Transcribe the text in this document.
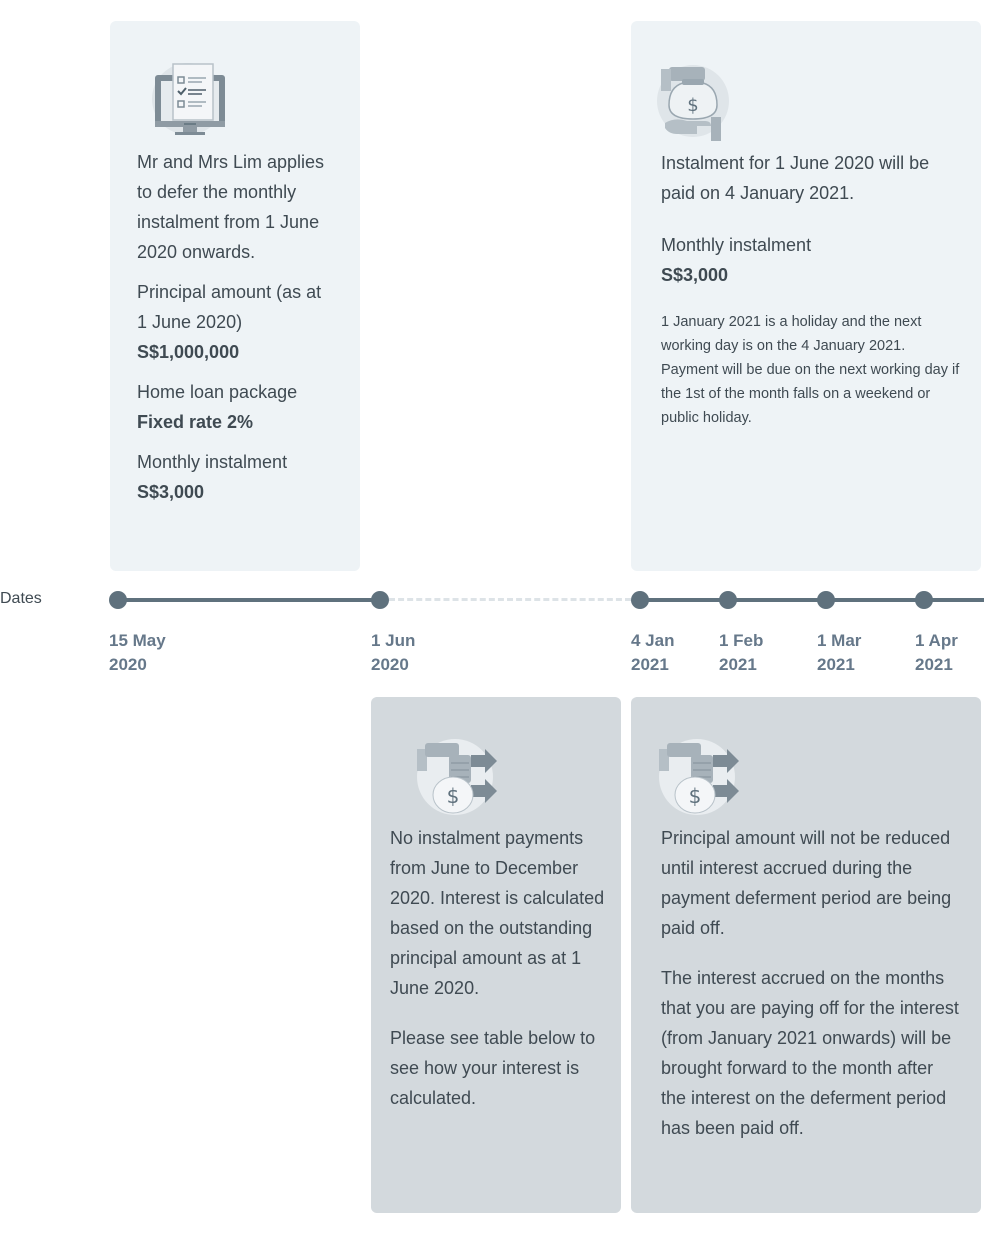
Mr and Mrs Lim applies to defer the monthly instalment from 1 June 2020 onwards.

Principal amount (as at 1 June 2020)

S$1,000,000

Home loan package

Fixed rate 2%

Monthly instalment

S$3,000

$

Instalment for 1 June 2020 will be paid on 4 January 2021.

Monthly instalment

S$3,000

1 January 2021 is a holiday and the next working day is on the 4 January 2021. Payment will be due on the next working day if the 1st of the month falls on a weekend or public holiday.

Dates
15 May
2020
1 Jun
2020
4 Jan
2021
1 Feb
2021
1 Mar
2021
1 Apr
2021
$

No instalment payments from June to December 2020. Interest is calculated based on the outstanding principal amount as at 1 June 2020.

Please see table below to see how your interest is calculated.

$

Principal amount will not be reduced until interest accrued during the payment deferment period are being paid off.

The interest accrued on the months that you are paying off for the interest (from January 2021 onwards) will be brought forward to the month after the interest on the deferment period has been paid off.
